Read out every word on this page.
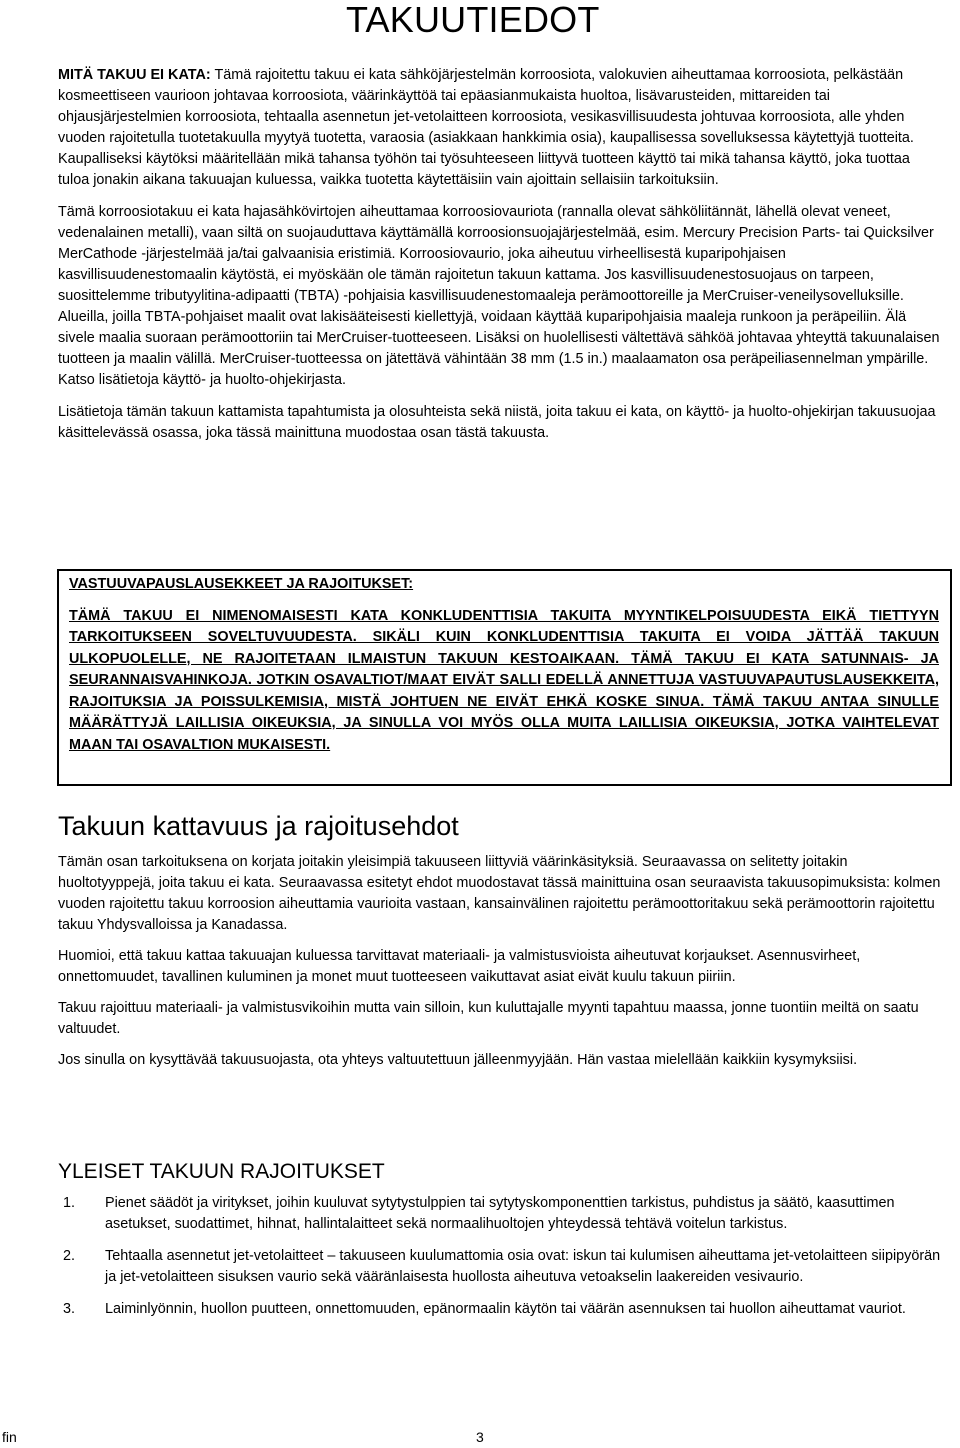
TAKUUTIEDOT

MITÄ TAKUU EI KATA: Tämä rajoitettu takuu ei kata sähköjärjestelmän korroosiota, valokuvien aiheuttamaa korroosiota, pelkästään kosmeettiseen vaurioon johtavaa korroosiota, väärinkäyttöä tai epäasianmukaista huoltoa, lisävarusteiden, mittareiden tai ohjausjärjestelmien korroosiota, tehtaalla asennetun jet-vetolaitteen korroosiota, vesikasvillisuudesta johtuvaa korroosiota, alle yhden vuoden rajoitetulla tuotetakuulla myytyä tuotetta, varaosia (asiakkaan hankkimia osia), kaupallisessa sovelluksessa käytettyjä tuotteita. Kaupalliseksi käytöksi määritellään mikä tahansa työhön tai työsuhteeseen liittyvä tuotteen käyttö tai mikä tahansa käyttö, joka tuottaa tuloa jonakin aikana takuuajan kuluessa, vaikka tuotetta käytettäisiin vain ajoittain sellaisiin tarkoituksiin.

Tämä korroosiotakuu ei kata hajasähkövirtojen aiheuttamaa korroosiovauriota (rannalla olevat sähköliitännät, lähellä olevat veneet, vedenalainen metalli), vaan siltä on suojauduttava käyttämällä korroosionsuojajärjestelmää, esim. Mercury Precision Parts- tai Quicksilver MerCathode -järjestelmää ja/tai galvaanisia eristimiä. Korroosiovaurio, joka aiheutuu virheellisestä kuparipohjaisen kasvillisuudenestomaalin käytöstä, ei myöskään ole tämän rajoitetun takuun kattama. Jos kasvillisuudenestosuojaus on tarpeen, suosittelemme tributyylitina-adipaatti (TBTA) -pohjaisia kasvillisuudenestomaaleja perämoottoreille ja MerCruiser-veneilysovelluksille. Alueilla, joilla TBTA-pohjaiset maalit ovat lakisääteisesti kiellettyjä, voidaan käyttää kuparipohjaisia maaleja runkoon ja peräpeiliin. Älä sivele maalia suoraan perämoottoriin tai MerCruiser-tuotteeseen. Lisäksi on huolellisesti vältettävä sähköä johtavaa yhteyttä takuunalaisen tuotteen ja maalin välillä. MerCruiser-tuotteessa on jätettävä vähintään 38 mm (1.5 in.) maalaamaton osa peräpeiliasennelman ympärille. Katso lisätietoja käyttö- ja huolto-ohjekirjasta.

Lisätietoja tämän takuun kattamista tapahtumista ja olosuhteista sekä niistä, joita takuu ei kata, on käyttö- ja huolto-ohjekirjan takuusuojaa käsittelevässä osassa, joka tässä mainittuna muodostaa osan tästä takuusta.

VASTUUVAPAUSLAUSEKKEET JA RAJOITUKSET:

TÄMÄ TAKUU EI NIMENOMAISESTI KATA KONKLUDENTTISIA TAKUITA MYYNTIKELPOISUUDESTA EIKÄ TIETTYYN TARKOITUKSEEN SOVELTUVUUDESTA. SIKÄLI KUIN KONKLUDENTTISIA TAKUITA EI VOIDA JÄTTÄÄ TAKUUN ULKOPUOLELLE, NE RAJOITETAAN ILMAISTUN TAKUUN KESTOAIKAAN. TÄMÄ TAKUU EI KATA SATUNNAIS- JA SEURANNAISVAHINKOJA. JOTKIN OSAVALTIOT/MAAT EIVÄT SALLI EDELLÄ ANNETTUJA VASTUUVAPAUTUSLAUSEKKEITA, RAJOITUKSIA JA POISSULKEMISIA, MISTÄ JOHTUEN NE EIVÄT EHKÄ KOSKE SINUA. TÄMÄ TAKUU ANTAA SINULLE MÄÄRÄTTYJÄ LAILLISIA OIKEUKSIA, JA SINULLA VOI MYÖS OLLA MUITA LAILLISIA OIKEUKSIA, JOTKA VAIHTELEVAT MAAN TAI OSAVALTION MUKAISESTI.

Takuun kattavuus ja rajoitusehdot

Tämän osan tarkoituksena on korjata joitakin yleisimpiä takuuseen liittyviä väärinkäsityksiä. Seuraavassa on selitetty joitakin huoltotyyppejä, joita takuu ei kata. Seuraavassa esitetyt ehdot muodostavat tässä mainittuina osan seuraavista takuusopimuksista: kolmen vuoden rajoitettu takuu korroosion aiheuttamia vaurioita vastaan, kansainvälinen rajoitettu perämoottoritakuu sekä perämoottorin rajoitettu takuu Yhdysvalloissa ja Kanadassa.

Huomioi, että takuu kattaa takuuajan kuluessa tarvittavat materiaali- ja valmistusvioista aiheutuvat korjaukset. Asennusvirheet, onnettomuudet, tavallinen kuluminen ja monet muut tuotteeseen vaikuttavat asiat eivät kuulu takuun piiriin.

Takuu rajoittuu materiaali- ja valmistusvikoihin mutta vain silloin, kun kuluttajalle myynti tapahtuu maassa, jonne tuontiin meiltä on saatu valtuudet.

Jos sinulla on kysyttävää takuusuojasta, ota yhteys valtuutettuun jälleenmyyjään. Hän vastaa mielellään kaikkiin kysymyksiisi.

YLEISET TAKUUN RAJOITUKSET
1. Pienet säädöt ja viritykset, joihin kuuluvat sytytystulppien tai sytytyskomponenttien tarkistus, puhdistus ja säätö, kaasuttimen asetukset, suodattimet, hihnat, hallintalaitteet sekä normaalihuoltojen yhteydessä tehtävä voitelun tarkistus.
2. Tehtaalla asennetut jet-vetolaitteet – takuuseen kuulumattomia osia ovat: iskun tai kulumisen aiheuttama jet-vetolaitteen siipipyörän ja jet-vetolaitteen sisuksen vaurio sekä vääränlaisesta huollosta aiheutuva vetoakselin laakereiden vesivaurio.
3. Laiminlyönnin, huollon puutteen, onnettomuuden, epänormaalin käytön tai väärän asennuksen tai huollon aiheuttamat vauriot.
fin	3
